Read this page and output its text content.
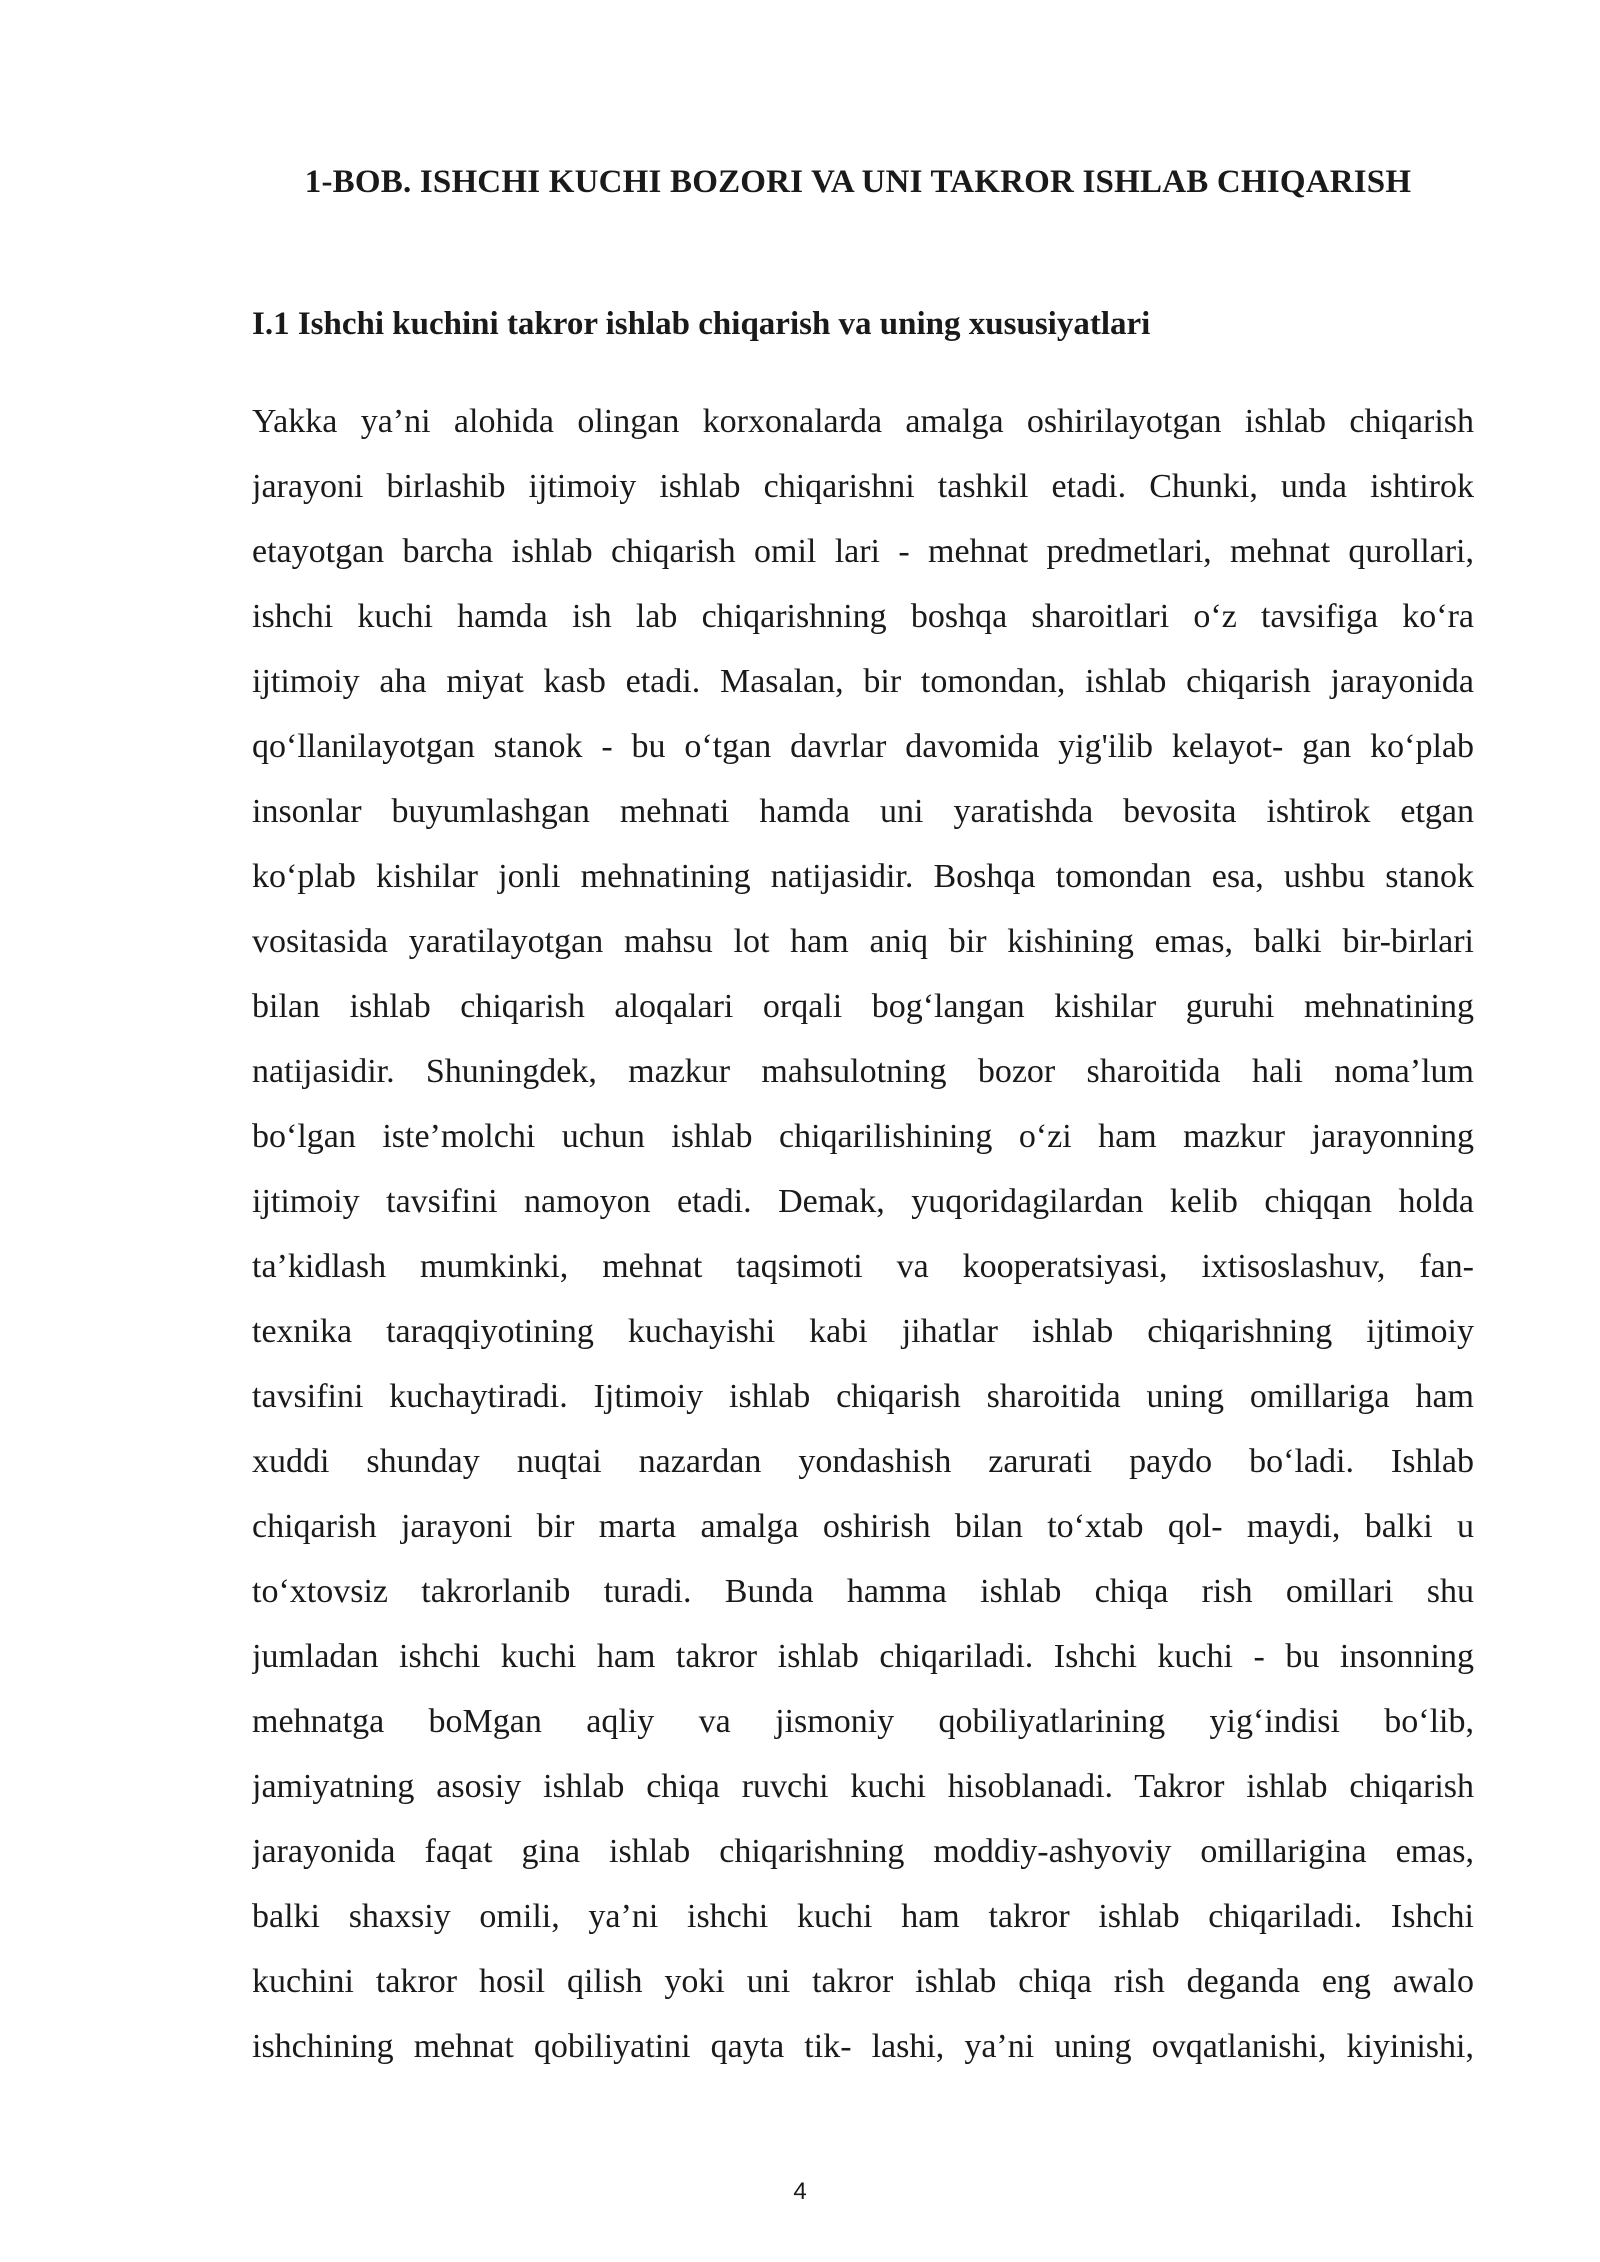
1-BOB. ISHCHI KUCHI BOZORI VA UNI TAKROR ISHLAB CHIQARISH
I.1 Ishchi kuchini takror ishlab chiqarish va uning xususiyatlari
Yakka ya’ni alohida olingan korxonalarda amalga oshirilayotgan ishlab chiqarish
jarayoni birlashib ijtimoiy ishlab chiqarishni tashkil etadi. Chunki, unda ishtirok
etayotgan barcha ishlab chiqarish omil lari - mehnat predmetlari, mehnat qurollari,
ishchi kuchi hamda ish lab chiqarishning boshqa sharoitlari o‘z tavsifiga ko‘ra
ijtimoiy aha miyat kasb etadi. Masalan, bir tomondan, ishlab chiqarish jarayonida
qo‘llanilayotgan stanok - bu o‘tgan davrlar davomida yig'ilib kelayot- gan ko‘plab
insonlar buyumlashgan mehnati hamda uni yaratishda bevosita ishtirok etgan
ko‘plab kishilar jonli mehnatining natijasidir. Boshqa tomondan esa, ushbu stanok
vositasida yaratilayotgan mahsu lot ham aniq bir kishining emas, balki bir-birlari
bilan ishlab chiqarish aloqalari orqali bog‘langan kishilar guruhi mehnatining
natijasidir. Shuningdek, mazkur mahsulotning bozor sharoitida hali noma’lum
bo‘lgan iste’molchi uchun ishlab chiqarilishining o‘zi ham mazkur jarayonning
ijtimoiy tavsifini namoyon etadi. Demak, yuqoridagilardan kelib chiqqan holda
ta’kidlash mumkinki, mehnat taqsimoti va kooperatsiyasi, ixtisoslashuv, fan-
texnika taraqqiyotining kuchayishi kabi jihatlar ishlab chiqarishning ijtimoiy
tavsifini kuchaytiradi. Ijtimoiy ishlab chiqarish sharoitida uning omillariga ham
xuddi shunday nuqtai nazardan yondashish zarurati paydo bo‘ladi. Ishlab
chiqarish jarayoni bir marta amalga oshirish bilan to‘xtab qol- maydi, balki u
to‘xtovsiz takrorlanib turadi. Bunda hamma ishlab chiqa rish omillari shu
jumladan ishchi kuchi ham takror ishlab chiqariladi. Ishchi kuchi - bu insonning
mehnatga boMgan aqliy va jismoniy qobiliyatlarining yig‘indisi bo‘lib,
jamiyatning asosiy ishlab chiqa ruvchi kuchi hisoblanadi. Takror ishlab chiqarish
jarayonida faqat gina ishlab chiqarishning moddiy-ashyoviy omillarigina emas,
balki shaxsiy omili, ya’ni ishchi kuchi ham takror ishlab chiqariladi. Ishchi
kuchini takror hosil qilish yoki uni takror ishlab chiqa rish deganda eng awalo
ishchining mehnat qobiliyatini qayta tik- lashi, ya’ni uning ovqatlanishi, kiyinishi,
4
